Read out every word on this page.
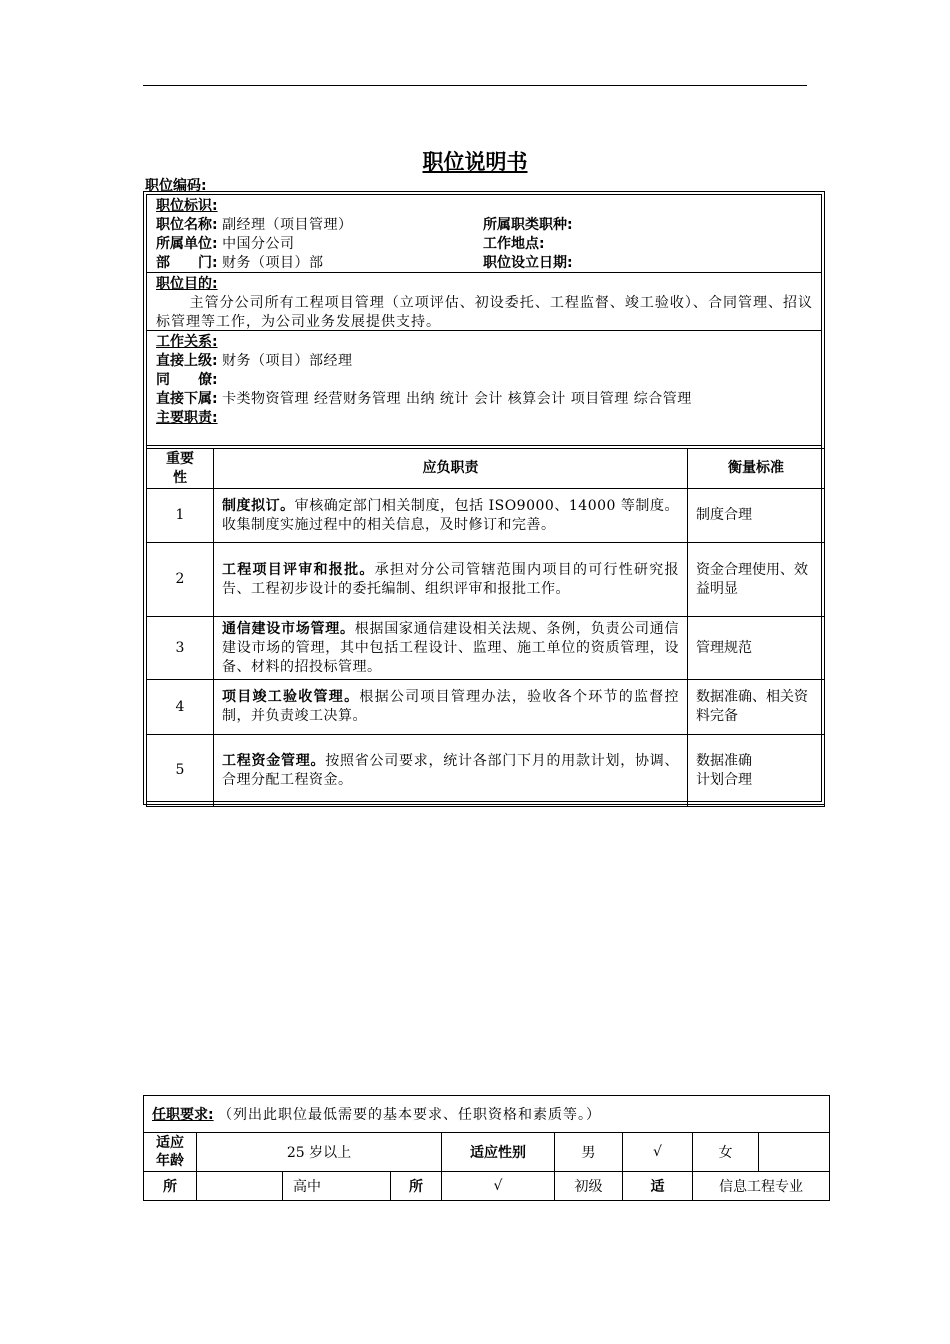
职位说明书
职位编码:
职位标识:
职位名称: 副经理（项目管理）
所属单位: 中国分公司
部　　门: 财务（项目）部
所属职类职种:
工作地点:
职位设立日期:
职位目的:
主管分公司所有工程项目管理（立项评估、初设委托、工程监督、竣工验收）、合同管理、招议标管理等工作，为公司业务发展提供支持。
工作关系:
直接上级: 财务（项目）部经理
同　　僚:
直接下属: 卡类物资管理 经营财务管理 出纳 统计 会计 核算会计 项目管理 综合管理
主要职责:
重要性	应负职责	衡量标准
1	制度拟订。审核确定部门相关制度，包括 ISO9000、14000 等制度。收集制度实施过程中的相关信息，及时修订和完善。	制度合理
2	工程项目评审和报批。承担对分公司管辖范围内项目的可行性研究报告、工程初步设计的委托编制、组织评审和报批工作。	资金合理使用、效益明显
3	通信建设市场管理。根据国家通信建设相关法规、条例，负责公司通信建设市场的管理，其中包括工程设计、监理、施工单位的资质管理，设备、材料的招投标管理。	管理规范
4	项目竣工验收管理。根据公司项目管理办法，验收各个环节的监督控制，并负责竣工决算。	数据准确、相关资料完备
5	工程资金管理。按照省公司要求，统计各部门下月的用款计划，协调、合理分配工程资金。	数据准确
计划合理
任职要求: （列出此职位最低需要的基本要求、任职资格和素质等。）								
适应
年龄	25 岁以上			适应性别	男	√	女	
所		高中	所	√	初级	适	信息工程专业	
